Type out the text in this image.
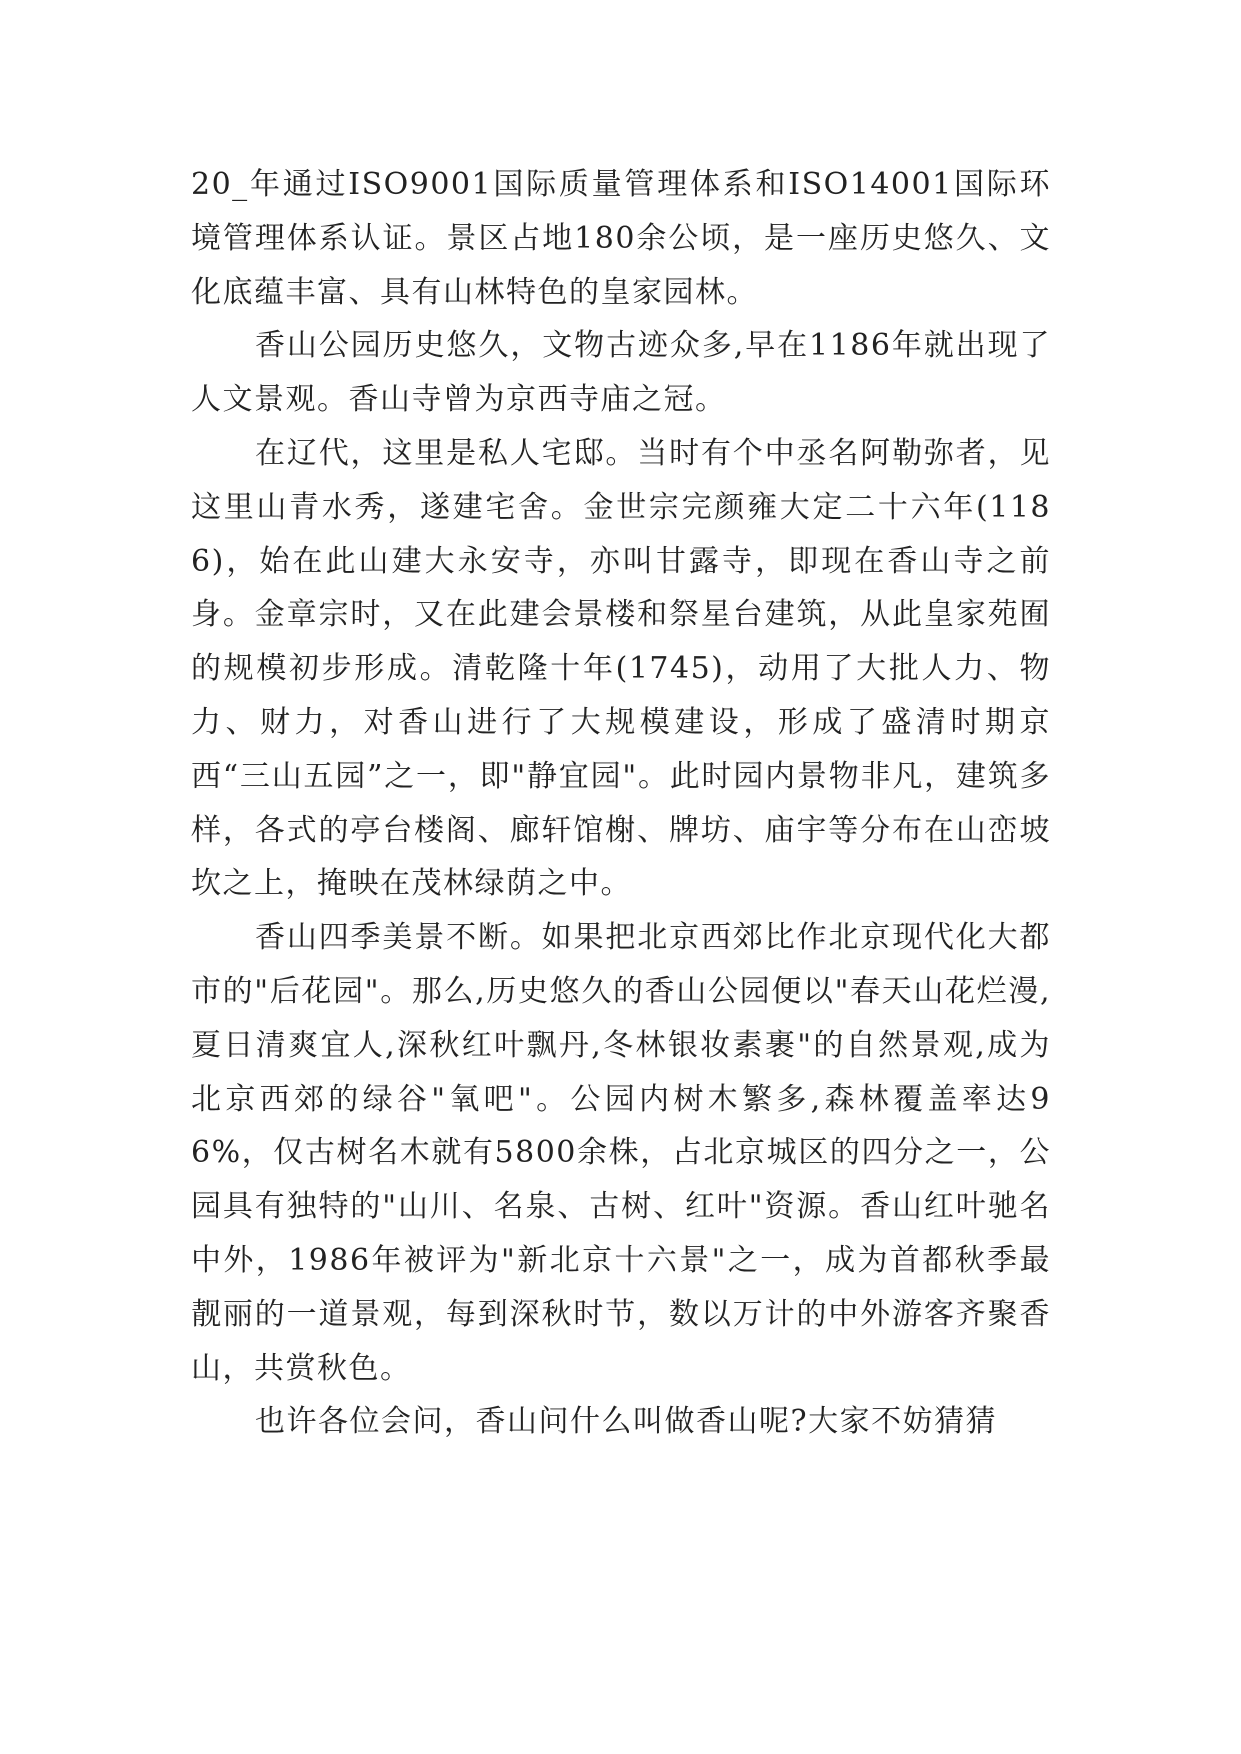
20_年通过ISO9001国际质量管理体系和ISO14001国际环境管理体系认证。景区占地180余公顷，是一座历史悠久、文化底蕴丰富、具有山林特色的皇家园林。

香山公园历史悠久，文物古迹众多,早在1186年就出现了人文景观。香山寺曾为京西寺庙之冠。

在辽代，这里是私人宅邸。当时有个中丞名阿勒弥者，见这里山青水秀，遂建宅舍。金世宗完颜雍大定二十六年(1186)，始在此山建大永安寺，亦叫甘露寺，即现在香山寺之前身。金章宗时，又在此建会景楼和祭星台建筑，从此皇家苑囿的规模初步形成。清乾隆十年(1745)，动用了大批人力、物力、财力，对香山进行了大规模建设，形成了盛清时期京西“三山五园”之一，即"静宜园"。此时园内景物非凡，建筑多样，各式的亭台楼阁、廊轩馆榭、牌坊、庙宇等分布在山峦坡坎之上，掩映在茂林绿荫之中。

香山四季美景不断。如果把北京西郊比作北京现代化大都市的"后花园"。那么,历史悠久的香山公园便以"春天山花烂漫,夏日清爽宜人,深秋红叶飘丹,冬林银妆素裹"的自然景观,成为北京西郊的绿谷"氧吧"。公园内树木繁多,森林覆盖率达96%，仅古树名木就有5800余株，占北京城区的四分之一，公园具有独特的"山川、名泉、古树、红叶"资源。香山红叶驰名中外，1986年被评为"新北京十六景"之一，成为首都秋季最靓丽的一道景观，每到深秋时节，数以万计的中外游客齐聚香山，共赏秋色。

也许各位会问，香山问什么叫做香山呢?大家不妨猜猜
